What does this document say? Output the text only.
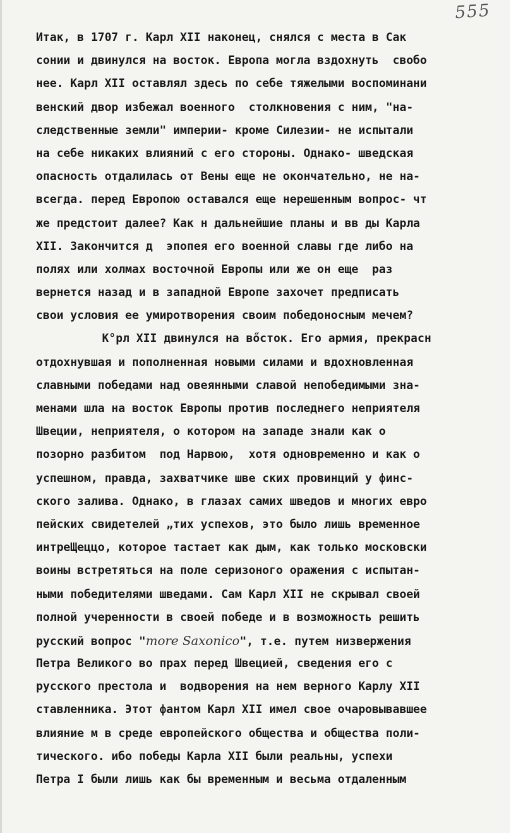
555
Итак, в 1707 г. Карл XII наконец, снялся с места в Сак
сонии и двинулся на восток. Европа могла вздохнуть  свобо
нее. Карл XII оставлял здесь по себе тяжелыми воспоминани
венский двор избежал военного  столкновения с ним, "на-
следственные земли" империи- кроме Силезии- не испытали
на себе никаких влияний с его стороны. Однако- шведская
опасность отдалилась от Вены еще не окончательно, не на-
всегда. перед Европою оставался еще нерешенным вопрос- чт
же предстоит далее? Как н дальнейшие планы и вв ды Карла
XII. Закончится д  эпопея его военной славы где либо на
полях или холмах восточной Европы или же он еще  раз
вернется назад и в западной Европе захочет предписать
свои условия ее умиротворения своим победоносным мечем?
К°рл XII двинулся на вőсток. Его армия, прекрасн
отдохнувшая и пополненная новыми силами и вдохновленная
славными победами над овеянными славой непобедимыми зна-
менами шла на восток Европы против последнего неприятеля
Швеции, неприятеля, о котором на западе знали как о
позорно разбитом  под Нарвою,  хотя одновременно и как о
успешном, правда, захватчике шве ских провинций у финс-
ского залива. Однако, в глазах самих шведов и многих евро
пейских свидетелей „тих успехов, это было лишь временное
интреЩеццо, которое тастает как дым, как только московски
воины встретяться на поле серизоного оражения с испытан-
ными победителями шведами. Сам Карл XII не скрывал своей
полной учеренности в своей победе и в возможность решить
русский вопрос "more Saxonico", т.е. путем низвержения
Петра Великого во прах перед Швецией, сведения его с
русского престола и  водворения на нем верного Карлу XII
ставленника. Этот фантом Карл XII имел свое очаровывавшее
влияние м в среде европейского общества и общества поли-
тического. ибо победы Карла XII были реальны, успехи
Петра I были лишь как бы временным и весьма отдаленным
